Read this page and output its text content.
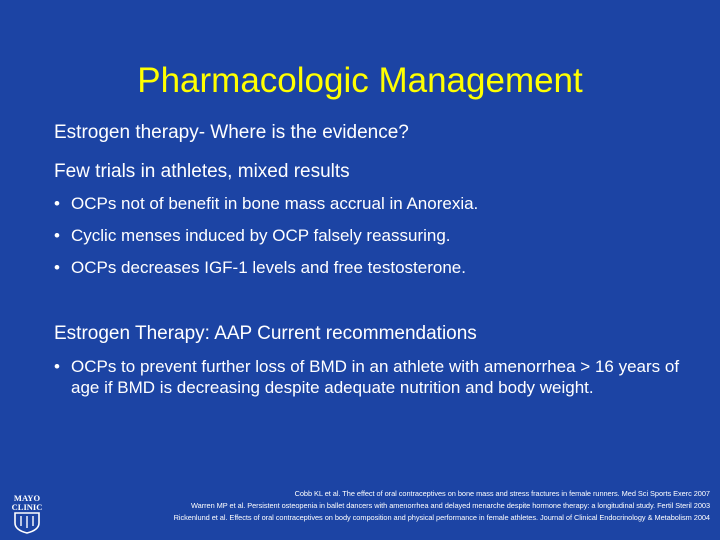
Pharmacologic Management
Estrogen therapy- Where is the evidence?
Few trials in athletes, mixed results
• OCPs not of benefit in bone mass accrual in Anorexia.
• Cyclic menses induced by OCP falsely reassuring.
• OCPs decreases IGF-1 levels and free testosterone.
Estrogen Therapy: AAP Current recommendations
• OCPs to prevent further loss of BMD in an athlete with amenorrhea > 16 years of age if BMD is decreasing despite adequate nutrition and body weight.
Cobb KL et al. The effect of oral contraceptives on bone mass and stress fractures in female runners. Med Sci Sports Exerc 2007
Warren MP et al. Persistent osteopenia in ballet dancers with amenorrhea and delayed menarche despite hormone therapy: a longitudinal study. Fertil Steril 2003
Rickenlund et al. Effects of oral contraceptives on body composition and physical performance in female athletes. Journal of Clinical Endocrinology & Metabolism 2004
MAYO
CLINIC
